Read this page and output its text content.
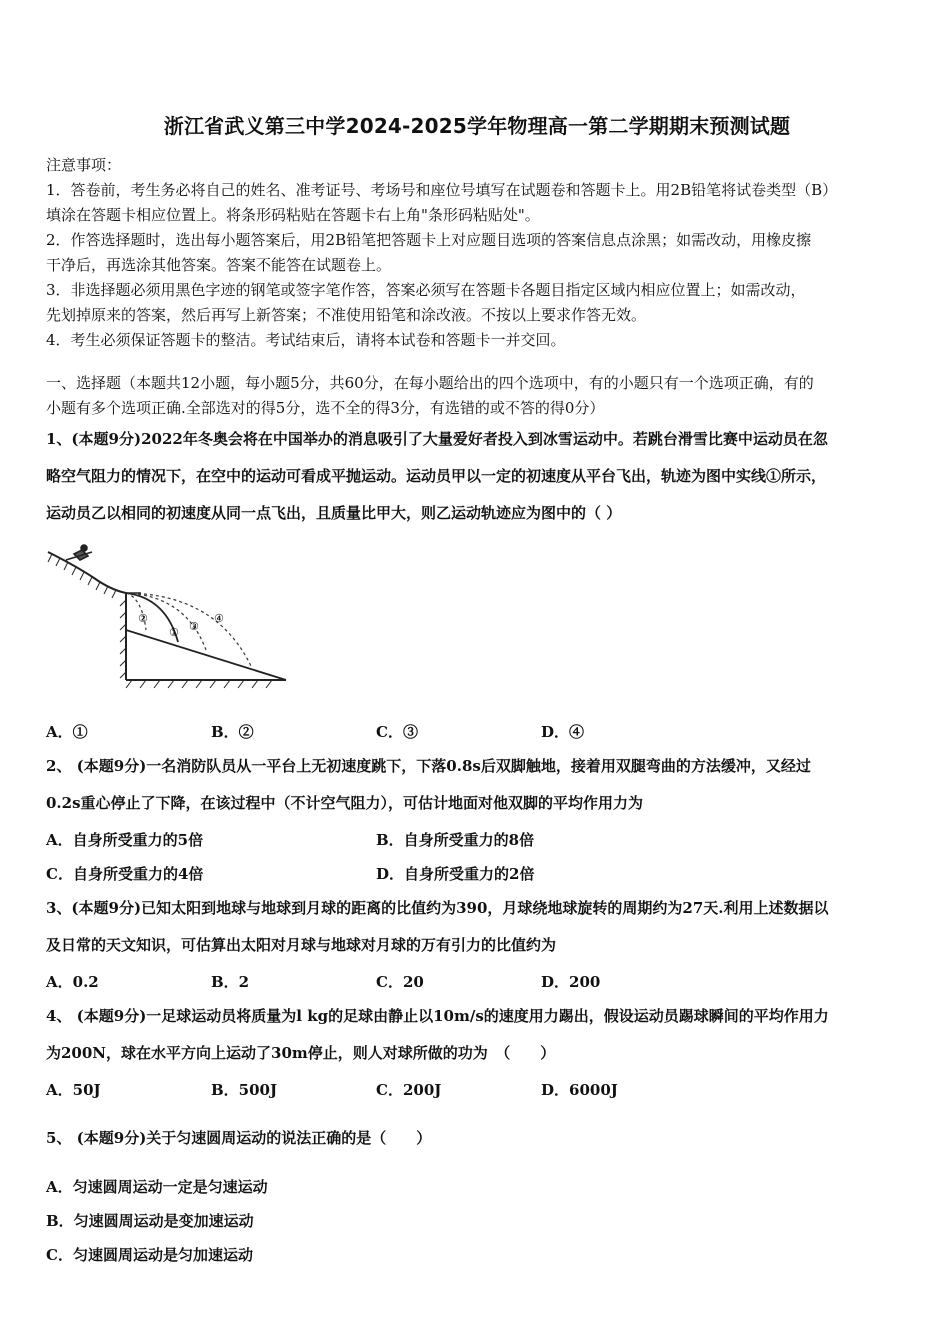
浙江省武义第三中学2024-2025学年物理高一第二学期期末预测试题

注意事项：

1．答卷前，考生务必将自己的姓名、准考证号、考场号和座位号填写在试题卷和答题卡上。用2B铅笔将试卷类型（B）

填涂在答题卡相应位置上。将条形码粘贴在答题卡右上角"条形码粘贴处"。

2．作答选择题时，选出每小题答案后，用2B铅笔把答题卡上对应题目选项的答案信息点涂黑；如需改动，用橡皮擦

干净后，再选涂其他答案。答案不能答在试题卷上。

3．非选择题必须用黑色字迹的钢笔或签字笔作答，答案必须写在答题卡各题目指定区域内相应位置上；如需改动，

先划掉原来的答案，然后再写上新答案；不准使用铅笔和涂改液。不按以上要求作答无效。

4．考生必须保证答题卡的整洁。考试结束后，请将本试卷和答题卡一并交回。

一、选择题（本题共12小题，每小题5分，共60分，在每小题给出的四个选项中，有的小题只有一个选项正确，有的

小题有多个选项正确.全部选对的得5分，选不全的得3分，有选错的或不答的得0分）

1、(本题9分)2022年冬奥会将在中国举办的消息吸引了大量爱好者投入到冰雪运动中。若跳台滑雪比赛中运动员在忽

略空气阻力的情况下，在空中的运动可看成平抛运动。运动员甲以一定的初速度从平台飞出，轨迹为图中实线①所示，

运动员乙以相同的初速度从同一点飞出，且质量比甲大，则乙运动轨迹应为图中的（ ）

①
②
③
④
A．①	B．②	C．③	D．④

2、 (本题9分)一名消防队员从一平台上无初速度跳下，下落0.8s后双脚触地，接着用双腿弯曲的方法缓冲，又经过

0.2s重心停止了下降，在该过程中（不计空气阻力），可估计地面对他双脚的平均作用力为

A．自身所受重力的5倍	B．自身所受重力的8倍
C．自身所受重力的4倍	D．自身所受重力的2倍

3、(本题9分)已知太阳到地球与地球到月球的距离的比值约为390，月球绕地球旋转的周期约为27天.利用上述数据以

及日常的天文知识，可估算出太阳对月球与地球对月球的万有引力的比值约为

A．0.2	B．2	C．20	D．200

4、 (本题9分)一足球运动员将质量为l kg的足球由静止以10m/s的速度用力踢出，假设运动员踢球瞬间的平均作用力

为200N，球在水平方向上运动了30m停止，则人对球所做的功为　（　　）

A．50J	B．500J	C．200J	D．6000J

5、 (本题9分)关于匀速圆周运动的说法正确的是（　　）

A．匀速圆周运动一定是匀速运动
B．匀速圆周运动是变加速运动
C．匀速圆周运动是匀加速运动
